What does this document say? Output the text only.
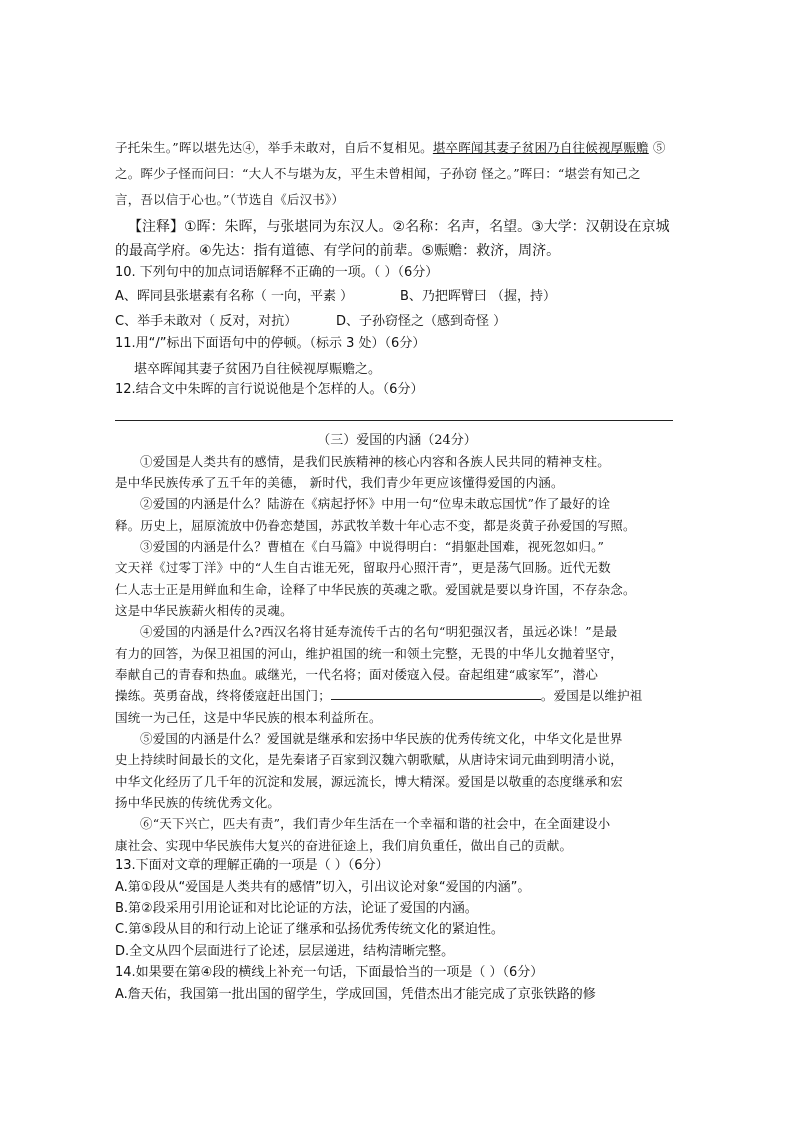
子托朱生。”晖以堪先达④，举手未敢对，自后不复相见。堪卒晖闻其妻子贫困乃自往候视厚赈赡 ⑤
之。晖少子怪而问曰：“大人不与堪为友，平生未曾相闻，子孙窃 怪之。”晖曰：“堪尝有知己之
言，吾以信于心也。”（节选自《后汉书》）
【注释】①晖：朱晖，与张堪同为东汉人。②名称：名声，名望。③大学：汉朝设在京城
的最高学府。④先达：指有道德、有学问的前辈。⑤赈赡：救济，周济。
10. 下列句中的加点词语解释不正确的一项。（ ）（6分）
A、晖同县张堪素有名称（ 一向，平素 ）	B、乃把晖臂曰 （握，持）
C、举手未敢对（ 反对，对抗）	D、子孙窃怪之（感到奇怪 ）
11.用“/”标出下面语句中的停顿。（标示 3 处）（6分）
堪卒晖闻其妻子贫困乃自往候视厚赈赡之。
12.结合文中朱晖的言行说说他是个怎样的人。（6分）
（三）爱国的内涵（24分）
①爱国是人类共有的感情，是我们民族精神的核心内容和各族人民共同的精神支柱。
是中华民族传承了五千年的美德， 新时代，我们青少年更应该懂得爱国的内涵。
②爱国的内涵是什么？陆游在《病起抒怀》中用一句“位卑未敢忘国忧”作了最好的诠
释。历史上，屈原流放中仍眷恋楚国，苏武牧羊数十年心志不变，都是炎黄子孙爱国的写照。
③爱国的内涵是什么？曹植在《白马篇》中说得明白：“捐躯赴国难，视死忽如归。”
文天祥《过零丁洋》中的“人生自古谁无死，留取丹心照汗青”，更是荡气回肠。近代无数
仁人志士正是用鲜血和生命，诠释了中华民族的英魂之歌。爱国就是要以身许国，不存杂念。
这是中华民族薪火相传的灵魂。
④爱国的内涵是什么?西汉名将甘延寿流传千古的名句“明犯强汉者，虽远必诛！”是最
有力的回答，为保卫祖国的河山，维护祖国的统一和领土完整，无畏的中华儿女抛着坚守，
奉献自己的青春和热血。戚继光，一代名将；面对倭寇入侵。奋起组建“戚家军”，潜心
操练。英勇奋战，终将倭寇赶出国门；	。爱国是以维护祖
国统一为己任，这是中华民族的根本利益所在。
⑤爱国的内涵是什么？爱国就是继承和宏扬中华民族的优秀传统文化，中华文化是世界
史上持续时间最长的文化，是先秦诸子百家到汉魏六朝歌赋，从唐诗宋词元曲到明清小说，
中华文化经历了几千年的沉淀和发展，源远流长，博大精深。爱国是以敬重的态度继承和宏
扬中华民族的传统优秀文化。
⑥“天下兴亡，匹夫有责”，我们青少年生活在一个幸福和谐的社会中，在全面建设小
康社会、实现中华民族伟大复兴的奋进征途上，我们肩负重任，做出自己的贡献。
13.下面对文章的理解正确的一项是（ ）（6分）
A.第①段从“爱国是人类共有的感情”切入，引出议论对象“爱国的内涵”。
B.第②段采用引用论证和对比论证的方法，论证了爱国的内涵。
C.第⑤段从目的和行动上论证了继承和弘扬优秀传统文化的紧迫性。
D.全文从四个层面进行了论述，层层递进，结构清晰完整。
14.如果要在第④段的横线上补充一句话，下面最恰当的一项是（ ）（6分）
A.詹天佑，我国第一批出国的留学生，学成回国，凭借杰出才能完成了京张铁路的修
